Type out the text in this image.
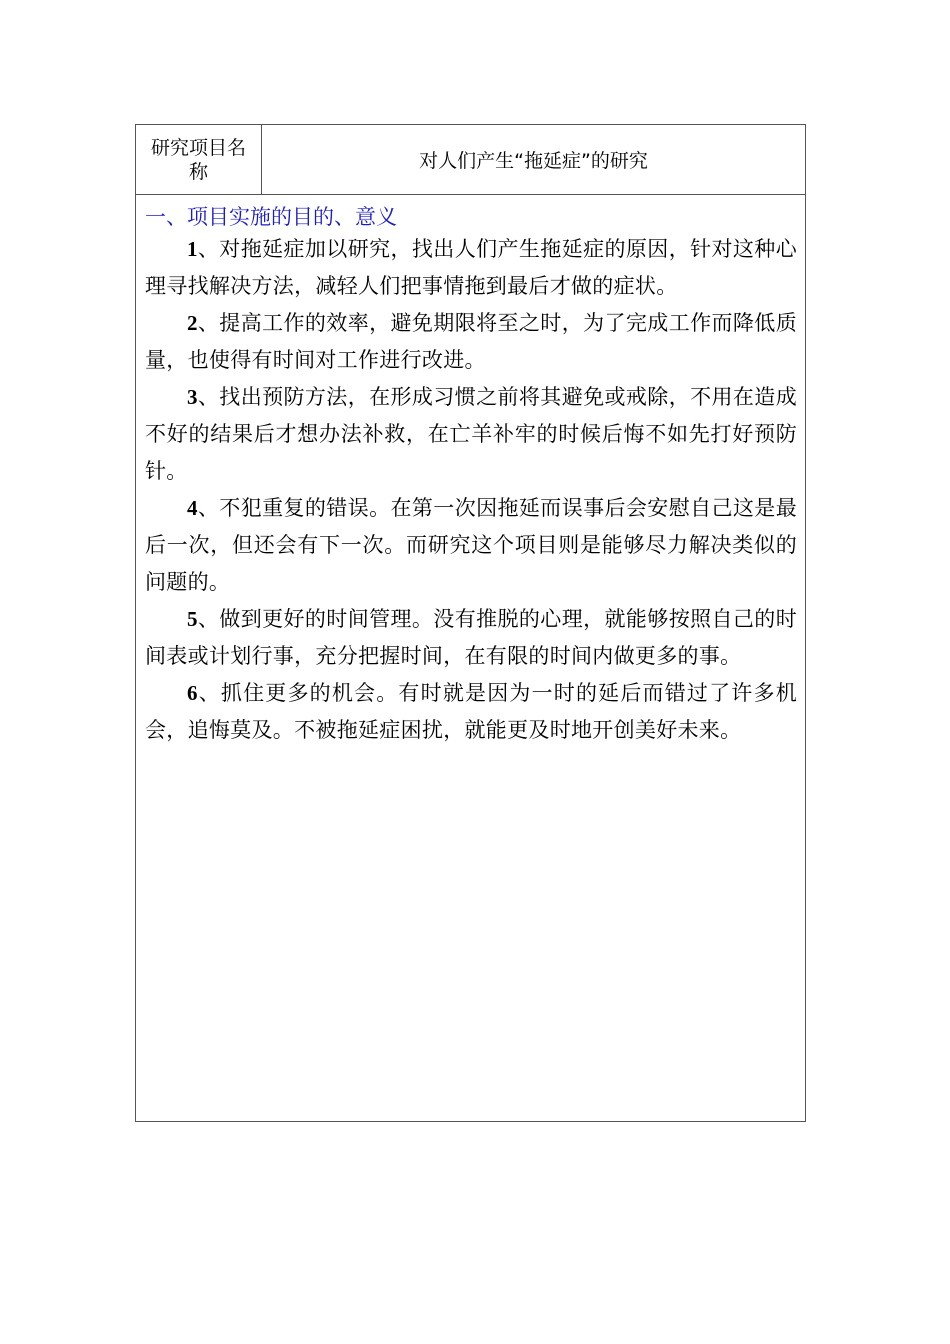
研究项目名称	对人们产生“拖延症”的研究

一、项目实施的目的、意义

1、对拖延症加以研究，找出人们产生拖延症的原因，针对这种心理寻找解决方法，减轻人们把事情拖到最后才做的症状。

2、提高工作的效率，避免期限将至之时，为了完成工作而降低质量，也使得有时间对工作进行改进。

3、找出预防方法，在形成习惯之前将其避免或戒除，不用在造成不好的结果后才想办法补救，在亡羊补牢的时候后悔不如先打好预防针。

4、不犯重复的错误。在第一次因拖延而误事后会安慰自己这是最后一次，但还会有下一次。而研究这个项目则是能够尽力解决类似的问题的。

5、做到更好的时间管理。没有推脱的心理，就能够按照自己的时间表或计划行事，充分把握时间，在有限的时间内做更多的事。

6、抓住更多的机会。有时就是因为一时的延后而错过了许多机会，追悔莫及。不被拖延症困扰，就能更及时地开创美好未来。
